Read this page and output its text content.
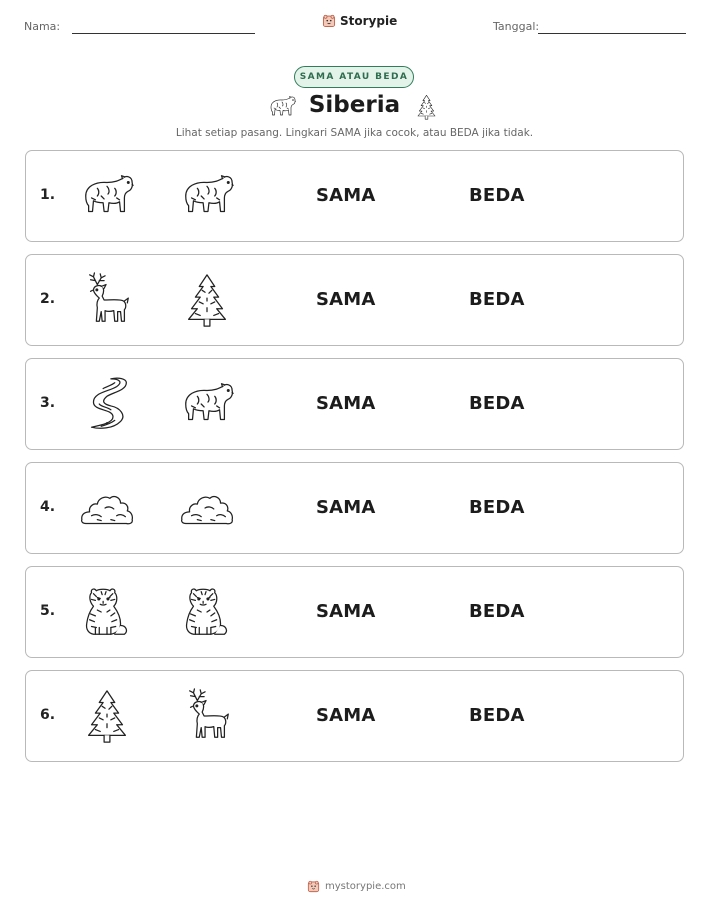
Nama:	Storypie	Tanggal:
SAMA ATAU BEDA
Siberia
Lihat setiap pasang. Lingkari SAMA jika cocok, atau BEDA jika tidak.
1.	SAMA	BEDA
2.	SAMA	BEDA
3.	SAMA	BEDA
4.	SAMA	BEDA
5.	SAMA	BEDA
6.	SAMA	BEDA
mystorypie.com
